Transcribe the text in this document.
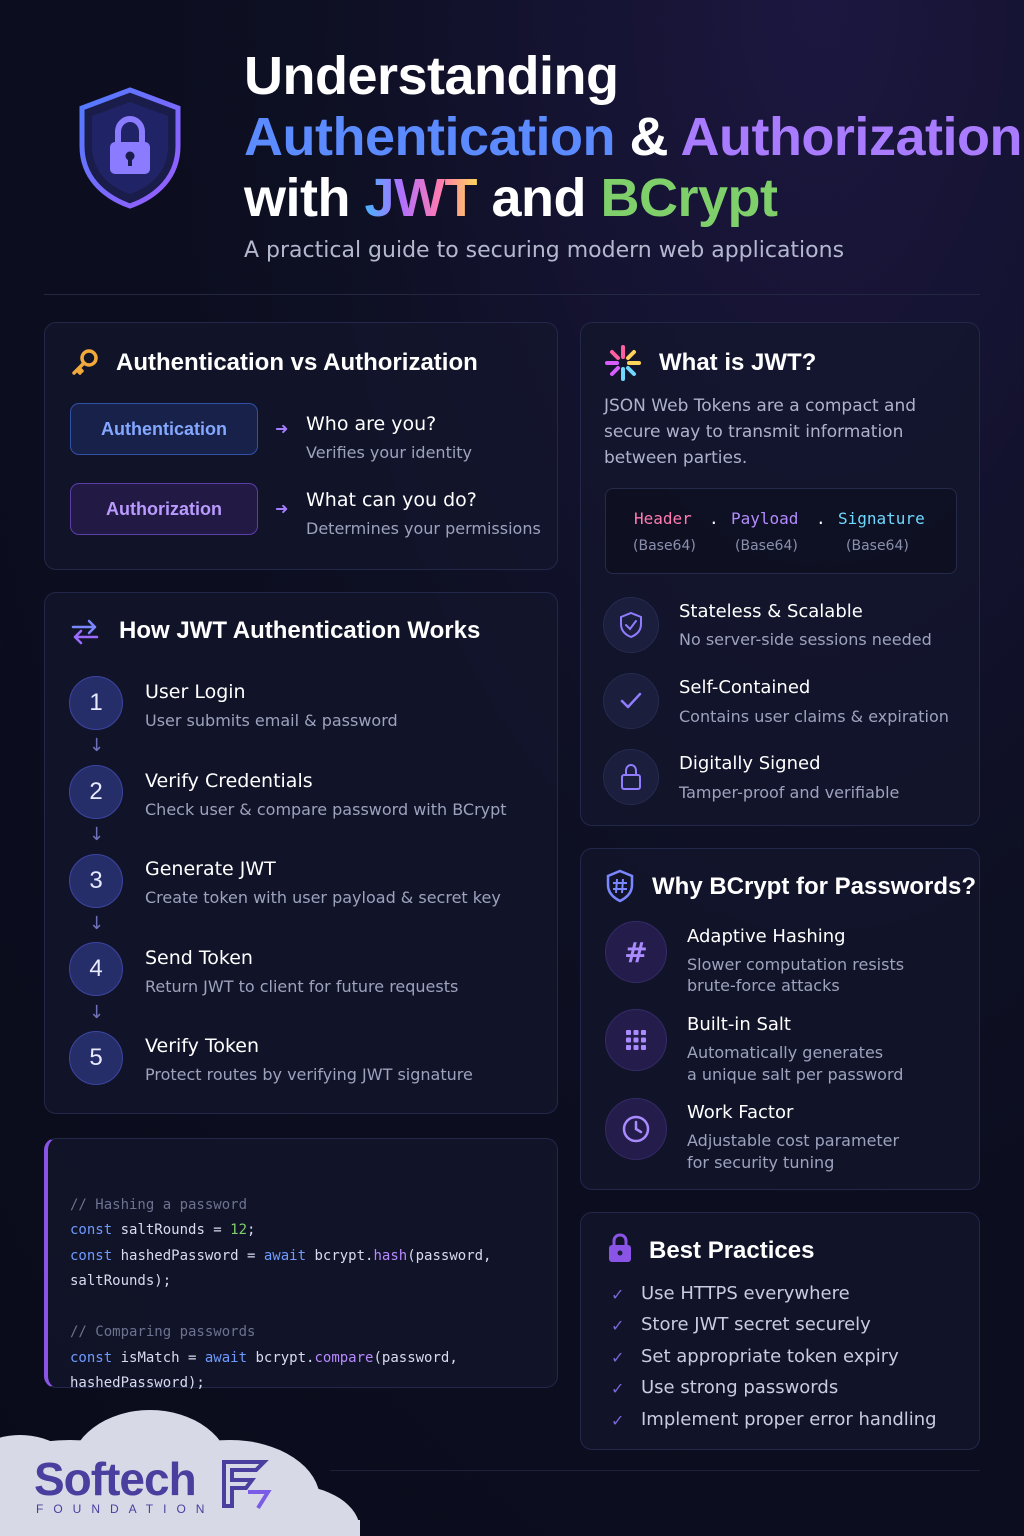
Understanding
Authentication & Authorization
with JWT and BCrypt
A practical guide to securing modern web applications
Authentication vs Authorization
Authentication	➜ Who are you?
Verifies your identity
Authorization	➜ What can you do?
Determines your permissions
How JWT Authentication Works
1	User Login
User submits email & password
↓
2	Verify Credentials
Check user & compare password with BCrypt
↓
3	Generate JWT
Create token with user payload & secret key
↓
4	Send Token
Return JWT to client for future requests
↓
5	Verify Token
Protect routes by verifying JWT signature

// Hashing a password
const saltRounds = 12;
const hashedPassword = await bcrypt.hash(password,
saltRounds);

// Comparing passwords
const isMatch = await bcrypt.compare(password,
hashedPassword);

What is JWT?
JSON Web Tokens are a compact and secure way to transmit information between parties.
Header . Payload . Signature
(Base64)	(Base64)	(Base64)
Stateless & Scalable
No server-side sessions needed
Self-Contained
Contains user claims & expiration
Digitally Signed
Tamper-proof and verifiable
Why BCrypt for Passwords?
# Adaptive Hashing
Slower computation resists
brute-force attacks
Built-in Salt
Automatically generates
a unique salt per password
Work Factor
Adjustable cost parameter
for security tuning
Best Practices
✓ Use HTTPS everywhere
✓ Store JWT secret securely
✓ Set appropriate token expiry
✓ Use strong passwords
✓ Implement proper error handling
Softech
FOUNDATION
